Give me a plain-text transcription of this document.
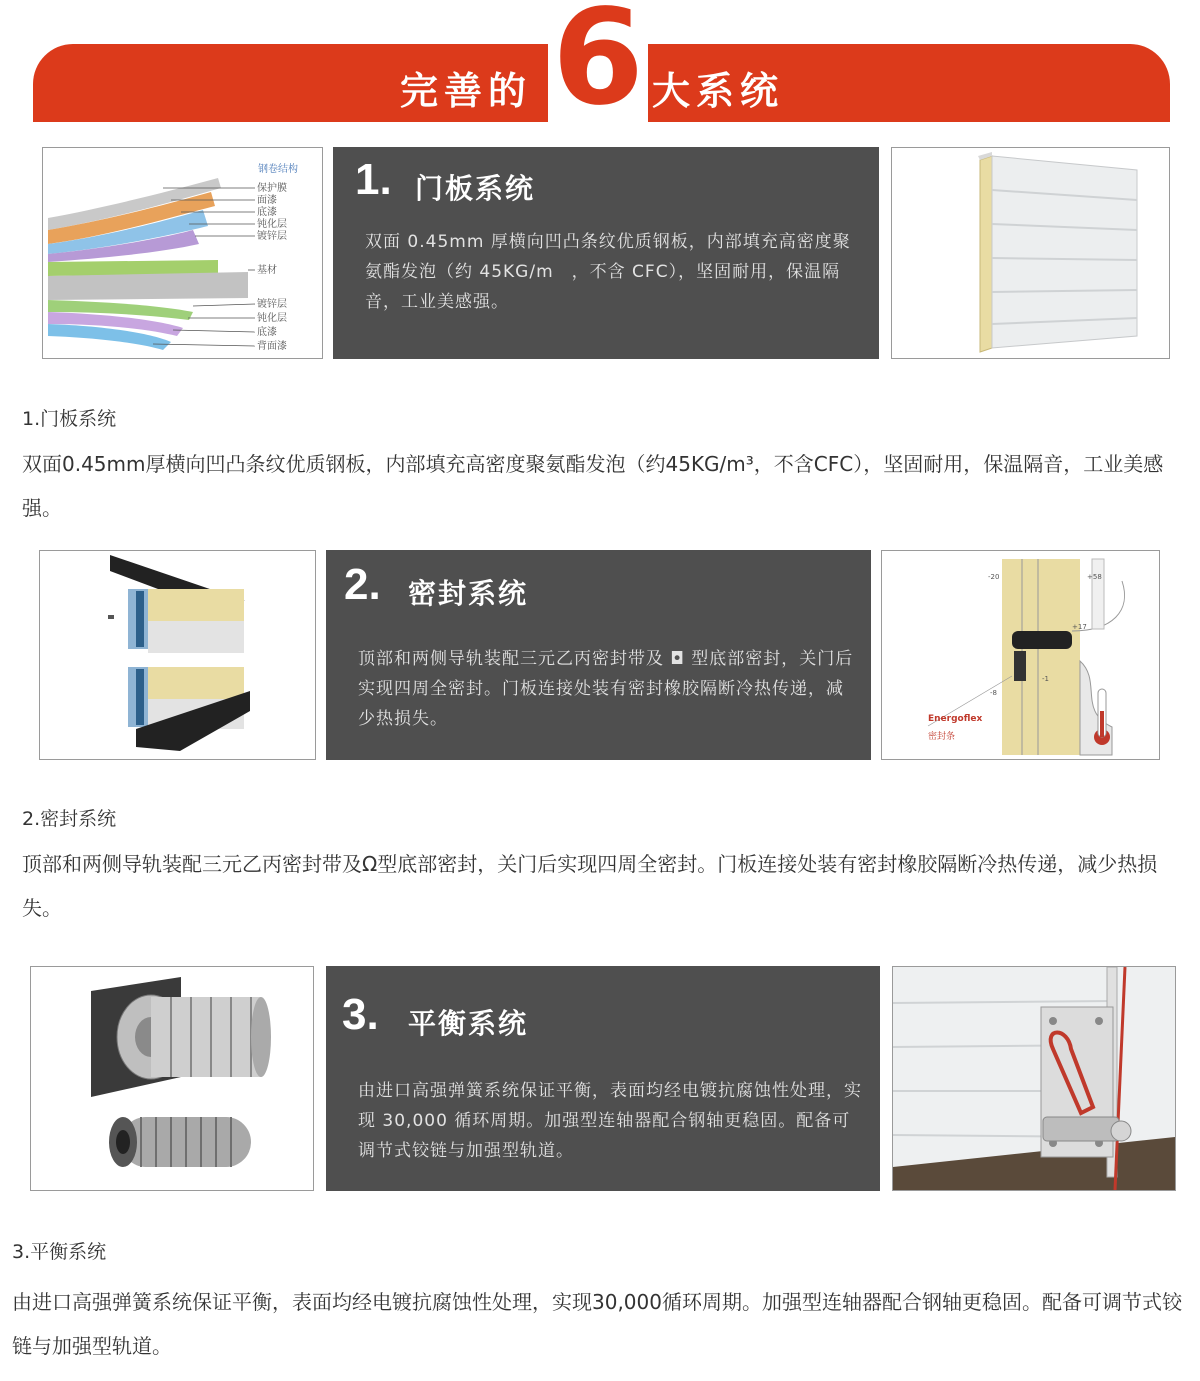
完善的 6 大系统
钢卷结构
保护膜
面漆
底漆
钝化层
镀锌层
基材
镀锌层
钝化层
底漆
背面漆
1. 门板系统
双面 0.45mm 厚横向凹凸条纹优质钢板，内部填充高密度聚氨酯发泡（约 45KG/m　，不含 CFC），坚固耐用，保温隔音，工业美感强。
1.门板系统
双面0.45mm厚横向凹凸条纹优质钢板，内部填充高密度聚氨酯发泡（约45KG/m³，不含CFC），坚固耐用，保温隔音，工业美感强。
2. 密封系统
顶部和两侧导轨装配三元乙丙密封带及 ◘ 型底部密封，关门后实现四周全密封。门板连接处装有密封橡胶隔断冷热传递，减少热损失。
-20	+58
+17
-8
-1
Energoflex
密封条
2.密封系统
顶部和两侧导轨装配三元乙丙密封带及Ω型底部密封，关门后实现四周全密封。门板连接处装有密封橡胶隔断冷热传递，减少热损失。
3. 平衡系统
由进口高强弹簧系统保证平衡，表面均经电镀抗腐蚀性处理，实现 30,000 循环周期。加强型连轴器配合钢轴更稳固。配备可调节式铰链与加强型轨道。
3.平衡系统
由进口高强弹簧系统保证平衡，表面均经电镀抗腐蚀性处理，实现30,000循环周期。加强型连轴器配合钢轴更稳固。配备可调节式铰链与加强型轨道。
